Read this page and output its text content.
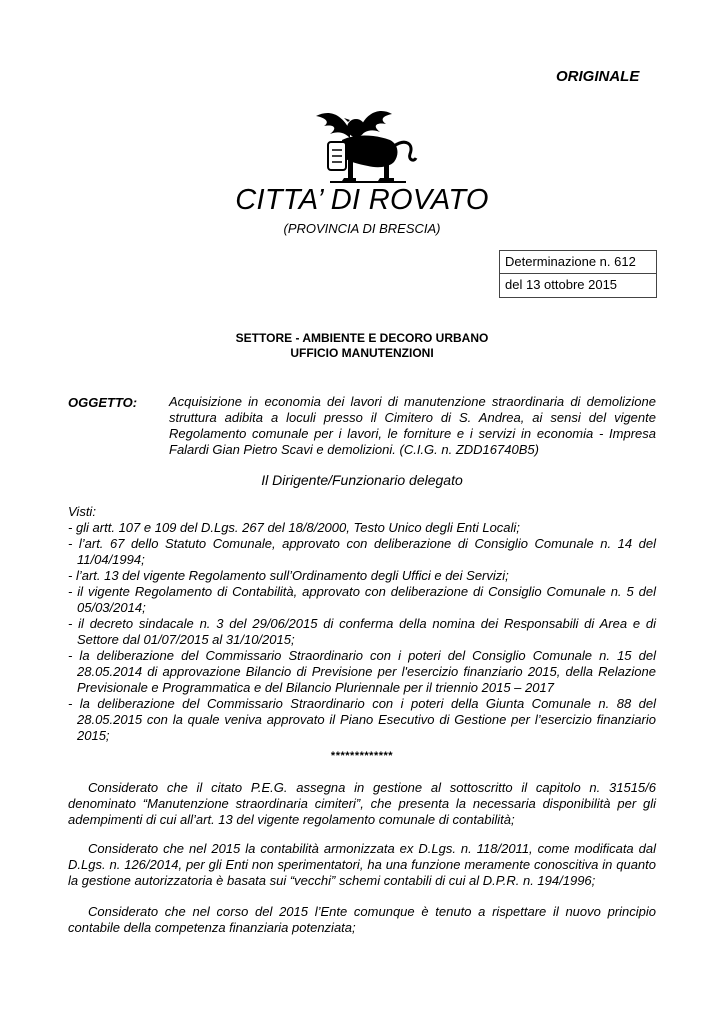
ORIGINALE
CITTA’ DI ROVATO
(PROVINCIA DI BRESCIA)
Determinazione n. 612
del 13 ottobre 2015
SETTORE - AMBIENTE E DECORO URBANO
UFFICIO MANUTENZIONI
OGGETTO: Acquisizione in economia dei lavori di manutenzione straordinaria di demolizione struttura adibita a loculi presso il Cimitero di S. Andrea, ai sensi del vigente Regolamento comunale per i lavori, le forniture e i servizi in economia - Impresa Falardi Gian Pietro Scavi e demolizioni. (C.I.G. n. ZDD16740B5)
Il Dirigente/Funzionario delegato
Visti:
- gli artt. 107 e 109 del D.Lgs. 267 del 18/8/2000, Testo Unico degli Enti Locali;
- l’art. 67 dello Statuto Comunale, approvato con deliberazione di Consiglio Comunale n. 14 del 11/04/1994;
- l’art. 13 del vigente Regolamento sull’Ordinamento degli Uffici e dei Servizi;
- il vigente Regolamento di Contabilità, approvato con deliberazione di Consiglio Comunale n. 5 del 05/03/2014;
- il decreto sindacale n. 3 del 29/06/2015 di conferma della nomina dei Responsabili di Area e di Settore dal 01/07/2015 al 31/10/2015;
- la deliberazione del Commissario Straordinario con i poteri del Consiglio Comunale n. 15 del 28.05.2014 di approvazione Bilancio di Previsione per l'esercizio finanziario 2015, della Relazione Previsionale e Programmatica e del Bilancio Pluriennale per il triennio 2015 – 2017
- la deliberazione del Commissario Straordinario con i poteri della Giunta Comunale n. 88 del 28.05.2015 con la quale veniva approvato il Piano Esecutivo di Gestione per l’esercizio finanziario 2015;
*************
Considerato che il citato P.E.G. assegna in gestione al sottoscritto il capitolo n. 31515/6 denominato “Manutenzione straordinaria cimiteri”, che presenta la necessaria disponibilità per gli adempimenti di cui all’art. 13 del vigente regolamento comunale di contabilità;
Considerato che nel 2015 la contabilità armonizzata ex D.Lgs. n. 118/2011, come modificata dal D.Lgs. n. 126/2014, per gli Enti non sperimentatori, ha una funzione meramente conoscitiva in quanto la gestione autorizzatoria è basata sui “vecchi” schemi contabili di cui al D.P.R. n. 194/1996;
Considerato che nel corso del 2015 l’Ente comunque è tenuto a rispettare il nuovo principio contabile della competenza finanziaria potenziata;
